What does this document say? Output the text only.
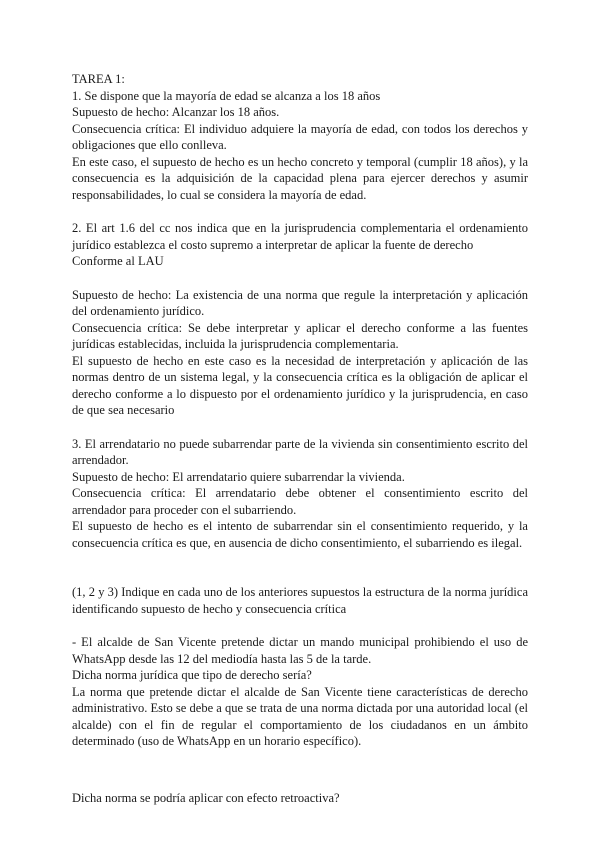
TAREA 1:

1. Se dispone que la mayoría de edad se alcanza a los 18 años

Supuesto de hecho: Alcanzar los 18 años.

Consecuencia crítica: El individuo adquiere la mayoría de edad, con todos los derechos y obligaciones que ello conlleva.

En este caso, el supuesto de hecho es un hecho concreto y temporal (cumplir 18 años), y la consecuencia es la adquisición de la capacidad plena para ejercer derechos y asumir responsabilidades, lo cual se considera la mayoría de edad.

2. El art 1.6 del cc nos indica que en la jurisprudencia complementaria el ordenamiento jurídico establezca el costo supremo a interpretar de aplicar la fuente de derecho

Conforme al LAU

Supuesto de hecho: La existencia de una norma que regule la interpretación y aplicación del ordenamiento jurídico.

Consecuencia crítica: Se debe interpretar y aplicar el derecho conforme a las fuentes jurídicas establecidas, incluida la jurisprudencia complementaria.

El supuesto de hecho en este caso es la necesidad de interpretación y aplicación de las normas dentro de un sistema legal, y la consecuencia crítica es la obligación de aplicar el derecho conforme a lo dispuesto por el ordenamiento jurídico y la jurisprudencia, en caso de que sea necesario

3. El arrendatario no puede subarrendar parte de la vivienda sin consentimiento escrito del arrendador.

Supuesto de hecho: El arrendatario quiere subarrendar la vivienda.

Consecuencia crítica: El arrendatario debe obtener el consentimiento escrito del arrendador para proceder con el subarriendo.

El supuesto de hecho es el intento de subarrendar sin el consentimiento requerido, y la consecuencia crítica es que, en ausencia de dicho consentimiento, el subarriendo es ilegal.

(1, 2 y 3) Indique en cada uno de los anteriores supuestos la estructura de la norma jurídica identificando supuesto de hecho y consecuencia crítica

- El alcalde de San Vicente pretende dictar un mando municipal prohibiendo el uso de WhatsApp desde las 12 del mediodía hasta las 5 de la tarde.

Dicha norma jurídica que tipo de derecho sería?

La norma que pretende dictar el alcalde de San Vicente tiene características de derecho administrativo. Esto se debe a que se trata de una norma dictada por una autoridad local (el alcalde) con el fin de regular el comportamiento de los ciudadanos en un ámbito determinado (uso de WhatsApp en un horario específico).

Dicha norma se podría aplicar con efecto retroactiva?
